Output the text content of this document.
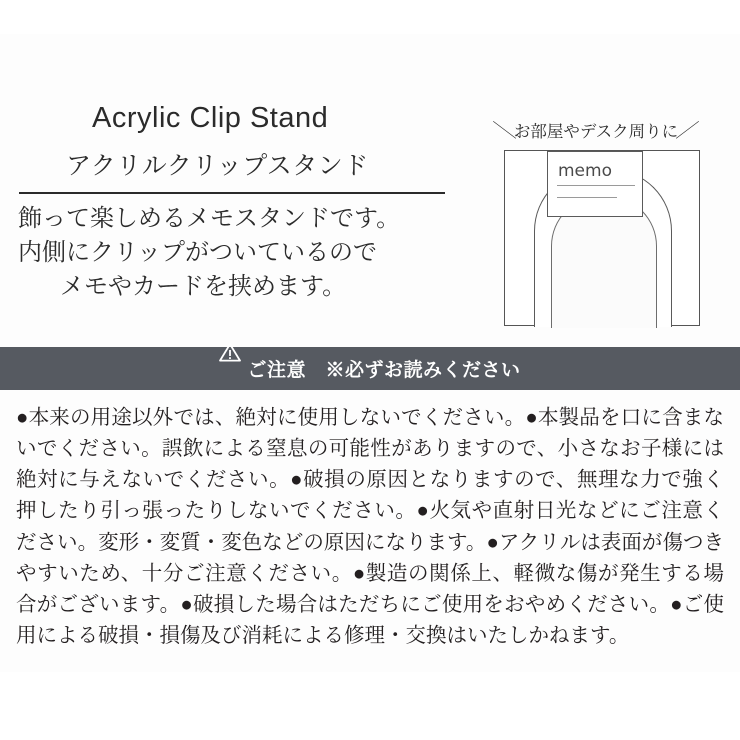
Acrylic Clip Stand
アクリルクリップスタンド
飾って楽しめるメモスタンドです。
内側にクリップがついているので
メモやカードを挟めます。
＼お部屋やデスク周りに／
memo
ご注意　※必ずお読みください
●本来の用途以外では、絶対に使用しないでください。●本製品を口に含まないでください。誤飲による窒息の可能性がありますので、小さなお子様には絶対に与えないでください。●破損の原因となりますので、無理な力で強く押したり引っ張ったりしないでください。●火気や直射日光などにご注意ください。変形・変質・変色などの原因になります。●アクリルは表面が傷つきやすいため、十分ご注意ください。●製造の関係上、軽微な傷が発生する場合がございます。●破損した場合はただちにご使用をおやめください。●ご使用による破損・損傷及び消耗による修理・交換はいたしかねます。
